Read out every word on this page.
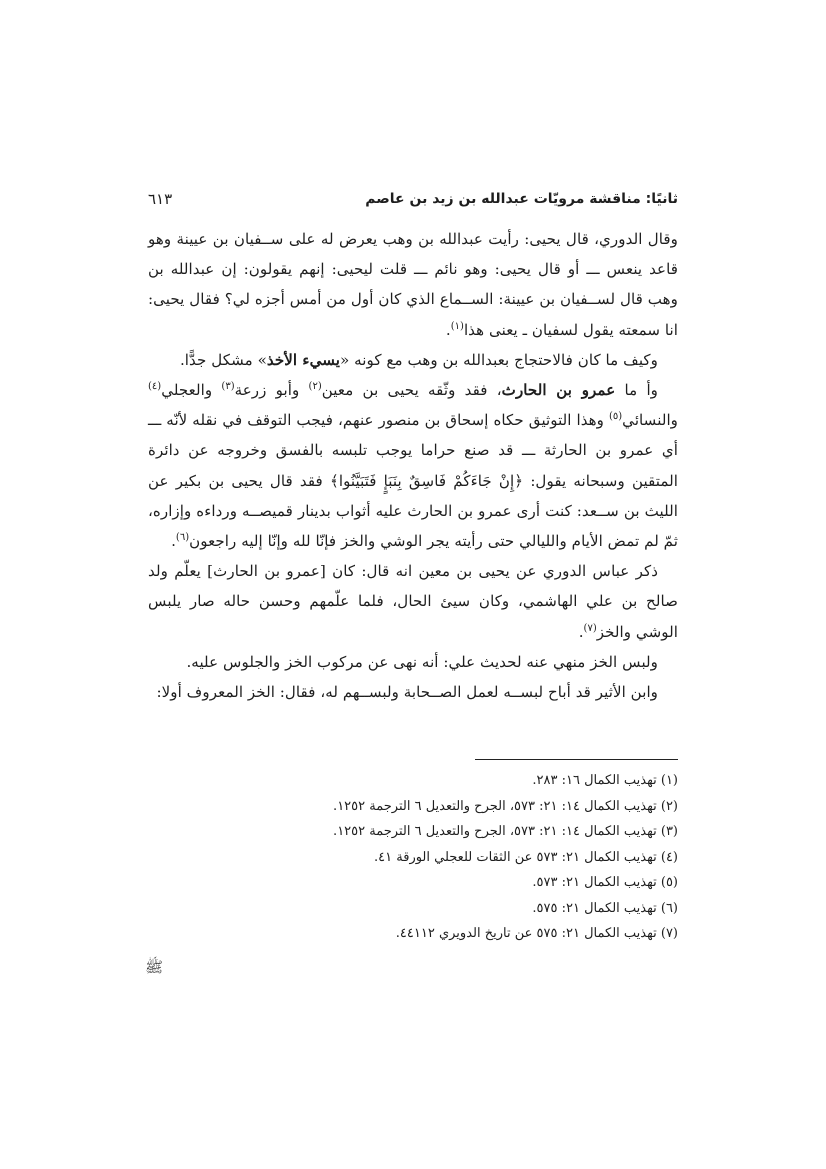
ثانيًا: مناقشة مرويّات عبدالله بن زيد بن عاصم
٦١٣

وقال الدوري، قال يحيى: رأيت عبدالله بن وهب يعرض له على ســفيان بن عيينة وهو قاعد ينعس ـــ أو قال يحيى: وهو نائم ـــ قلت ليحيى: إنهم يقولون: إن عبدالله بن وهب قال لســفيان بن عيينة: الســماع الذي كان أول من أمس أجزه لي؟ فقال يحيى: انا سمعته يقول لسفيان ـ يعنى هذا$^{(١)}$.

وكيف ما كان فالاحتجاج بعبدالله بن وهب مع كونه «يسيء الأخذ» مشكل جدًّا.

وأ ما عمرو بن الحارث، فقد وثّقه يحيى بن معين$^{(٢)}$ وأبو زرعة$^{(٣)}$ والعجلي$^{(٤)}$ والنسائي$^{(٥)}$ وهذا التوثيق حكاه إسحاق بن منصور عنهم، فيجب التوقف في نقله لأنّه ـــ أي عمرو بن الحارثة ـــ قد صنع حراما يوجب تلبسه بالفسق وخروجه عن دائرة المتقين وسبحانه يقول: ﴿إِنْ جَاءَكُمْ فَاسِقٌ بِنَبَإٍ فَتَبَيَّنُوا﴾ فقد قال يحيى بن بكير عن الليث بن ســعد: كنت أرى عمرو بن الحارث عليه أثواب بدينار قميصــه ورداءه وإزاره، ثمّ لم تمض الأيام والليالي حتى رأيته يجر الوشي والخز فإنّا لله وإنّا إليه راجعون$^{(٦)}$.

ذكر عباس الدوري عن يحيى بن معين انه قال: كان [عمرو بن الحارث] يعلّم ولد صالح بن علي الهاشمي، وكان سيئ الحال، فلما علّمهم وحسن حاله صار يلبس الوشي والخز$^{(٧)}$.

ولبس الخز منهي عنه لحديث علي: أنه نهى عن مركوب الخز والجلوس عليه.

وابن الأثير قد أباح لبســه لعمل الصــحابة ولبســهم له، فقال: الخز المعروف أولا:

(١) تهذيب الكمال ١٦: ٢٨٣.
(٢) تهذيب الكمال ١٤: ٢١: ٥٧٣، الجرح والتعديل ٦ الترجمة ١٢٥٢.
(٣) تهذيب الكمال ١٤: ٢١: ٥٧٣، الجرح والتعديل ٦ الترجمة ١٢٥٢.
(٤) تهذيب الكمال ٢١: ٥٧٣ عن الثقات للعجلي الورقة ٤١.
(٥) تهذيب الكمال ٢١: ٥٧٣.
(٦) تهذيب الكمال ٢١: ٥٧٥.
(٧) تهذيب الكمال ٢١: ٥٧٥ عن تاريخ الدويري ٤٤١١٢.
ﷺ
